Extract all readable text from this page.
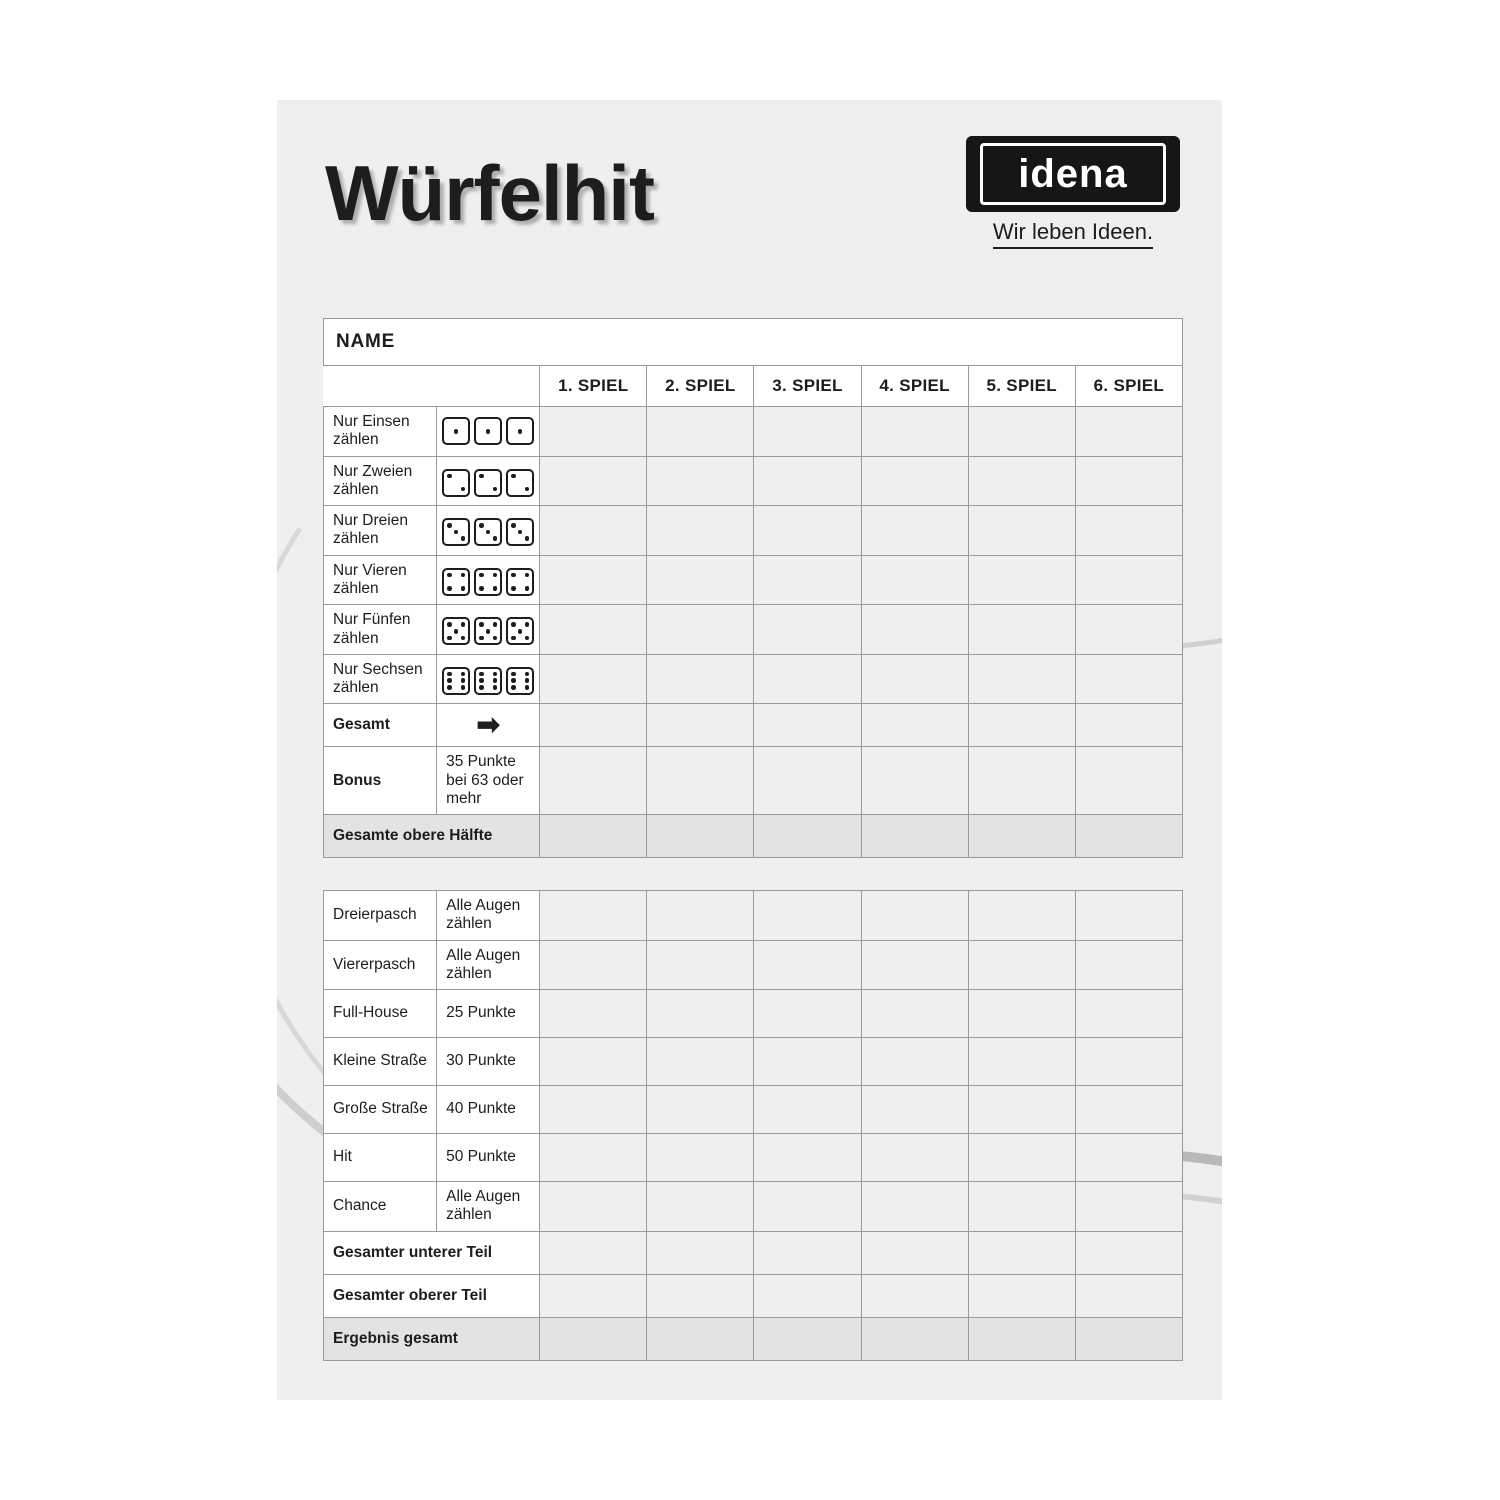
Würfelhit	idena
Wir leben Ideen.
NAME							
		1. SPIEL	2. SPIEL	3. SPIEL	4. SPIEL	5. SPIEL	6. SPIEL
Nur Einsen zählen	

Nur Zweien zählen	

Nur Dreien zählen	

Nur Vieren zählen	

Nur Fünfen zählen	

Nur Sechsen zählen	

Gesamt	➡						
Bonus	35 Punkte bei 63 oder mehr						
Gesamte obere Hälfte							
Dreierpasch	Alle Augen zählen						
Viererpasch	Alle Augen zählen						
Full-House	25 Punkte						
Kleine Straße	30 Punkte						
Große Straße	40 Punkte						
Hit	50 Punkte						
Chance	Alle Augen zählen						
Gesamter unterer Teil							
Gesamter oberer Teil							
Ergebnis gesamt							
